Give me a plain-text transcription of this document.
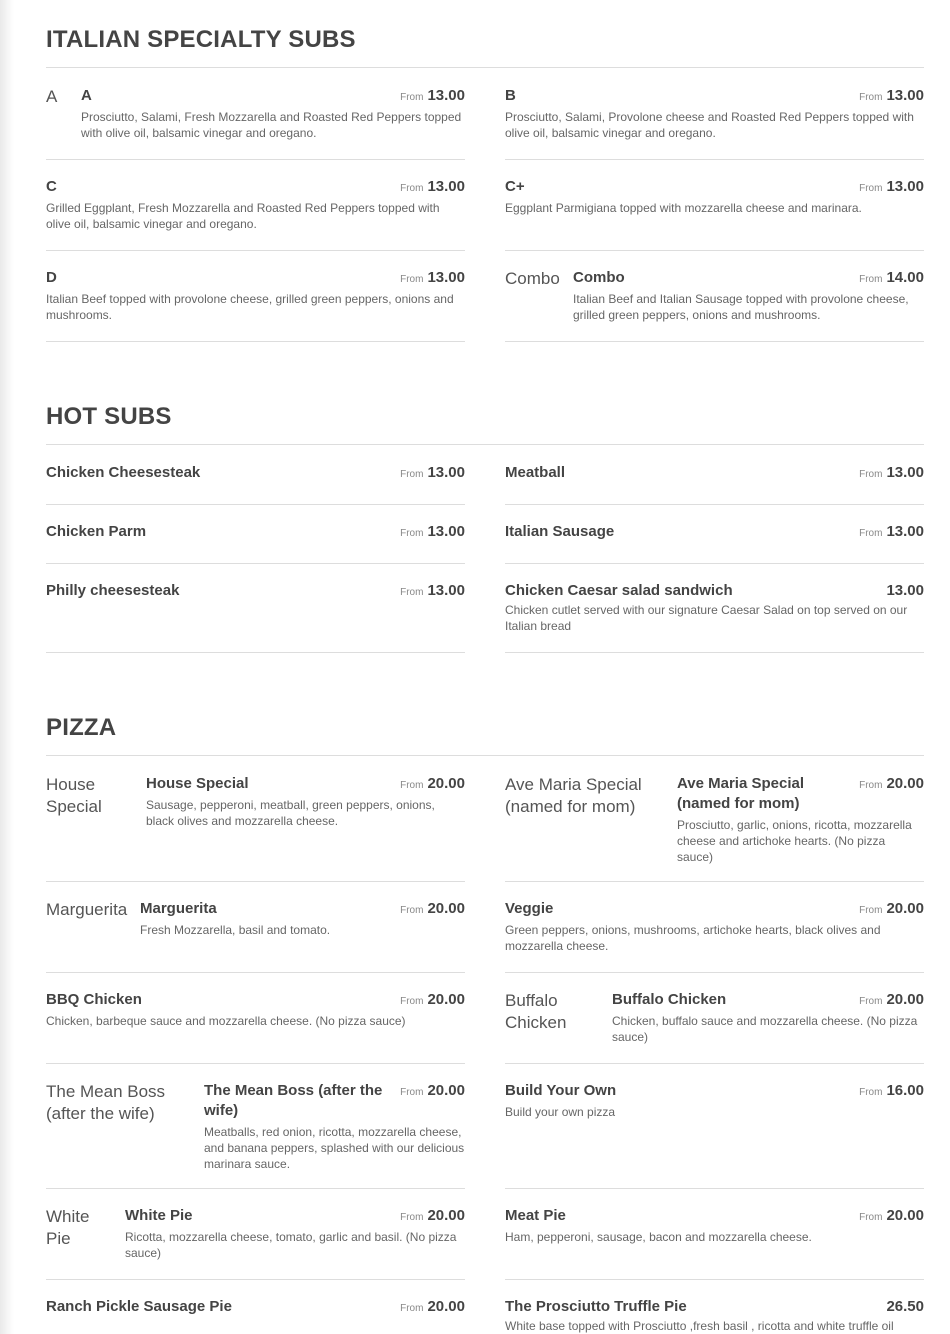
ITALIAN SPECIALTY SUBS
A	A
Prosciutto, Salami, Fresh Mozzarella and Roasted Red Peppers topped with olive oil, balsamic vinegar and oregano.
From 13.00	B
Prosciutto, Salami, Provolone cheese and Roasted Red Peppers topped with olive oil, balsamic vinegar and oregano.
From 13.00
C
Grilled Eggplant, Fresh Mozzarella and Roasted Red Peppers topped with olive oil, balsamic vinegar and oregano.
From 13.00	C+
Eggplant Parmigiana topped with mozzarella cheese and marinara.
From 13.00
D
Italian Beef topped with provolone cheese, grilled green peppers, onions and mushrooms.
From 13.00 Combo Combo
Italian Beef and Italian Sausage topped with provolone cheese, grilled green peppers, onions and mushrooms.
From 14.00
HOT SUBS
Chicken Cheesesteak	From 13.00	Meatball	From 13.00
Chicken Parm	From 13.00	Italian Sausage	From 13.00
Philly cheesesteak	From 13.00	Chicken Caesar salad sandwich
Chicken cutlet served with our signature Caesar Salad on top served on our Italian bread
13.00
PIZZA
House Special
House Special
Sausage, pepperoni, meatball, green peppers, onions, black olives and mozzarella cheese.
From 20.00 Ave Maria Special (named for mom)
Ave Maria Special (named for mom)
Prosciutto, garlic, onions, ricotta, mozzarella cheese and artichoke hearts. (No pizza sauce)
From 20.00
Marguerita Marguerita
Fresh Mozzarella, basil and tomato.
From 20.00	Veggie
Green peppers, onions, mushrooms, artichoke hearts, black olives and mozzarella cheese.
From 20.00
BBQ Chicken
Chicken, barbeque sauce and mozzarella cheese. (No pizza sauce)
From 20.00 Buffalo Chicken
Buffalo Chicken
Chicken, buffalo sauce and mozzarella cheese. (No pizza sauce)
From 20.00
The Mean Boss (after the wife)
The Mean Boss (after the wife)
Meatballs, red onion, ricotta, mozzarella cheese, and banana peppers, splashed with our delicious marinara sauce.
From 20.00	Build Your Own
Build your own pizza
From 16.00
White Pie
White Pie
Ricotta, mozzarella cheese, tomato, garlic and basil. (No pizza sauce)
From 20.00	Meat Pie
Ham, pepperoni, sausage, bacon and mozzarella cheese.
From 20.00
Ranch Pickle Sausage Pie	From 20.00	The Prosciutto Truffle Pie
White base topped with Prosciutto ,fresh basil , ricotta and white truffle oil
26.50
